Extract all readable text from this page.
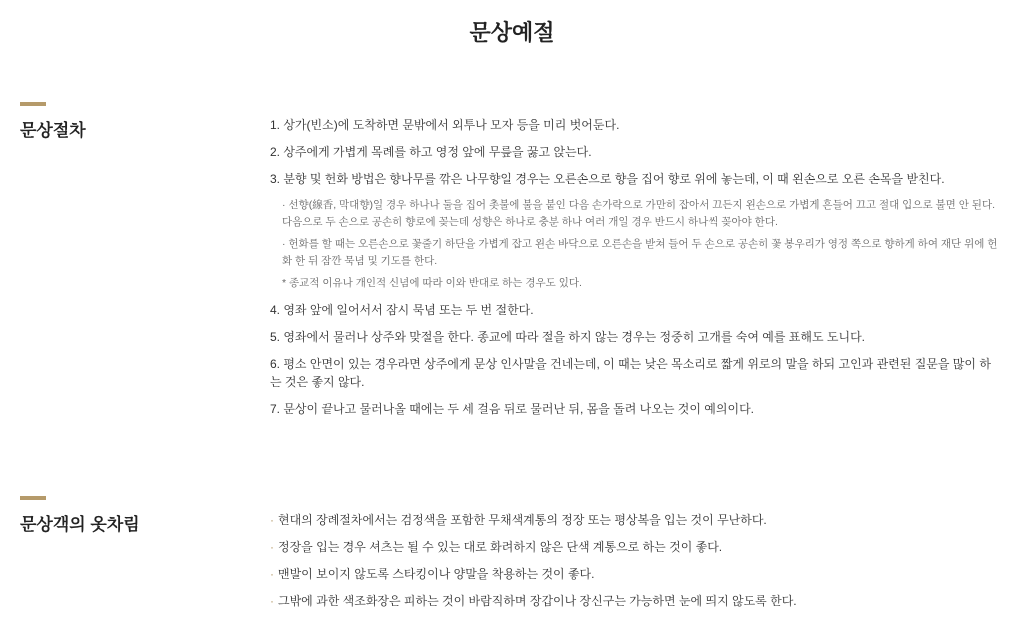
문상예절
문상절차	1. 상가(빈소)에 도착하면 문밖에서 외투나 모자 등을 미리 벗어둔다.

2. 상주에게 가볍게 목례를 하고 영정 앞에 무릎을 꿇고 앉는다.

3. 분향 및 헌화 방법은 향나무를 깎은 나무향일 경우는 오른손으로 향을 집어 향로 위에 놓는데, 이 때 왼손으로 오른 손목을 받친다.

· 선향(線香, 막대향)일 경우 하나나 둘을 집어 촛불에 불을 붙인 다음 손가락으로 가만히 잡아서 끄든지 왼손으로 가볍게 흔들어 끄고 절대 입으로 불면 안 된다. 다음으로 두 손으로 공손히 향로에 꽂는데 성향은 하나로 충분 하나 여러 개일 경우 반드시 하나씩 꽂아야 한다.

· 헌화를 할 때는 오른손으로 꽃줄기 하단을 가볍게 잡고 왼손 바닥으로 오른손을 받쳐 들어 두 손으로 공손히 꽃 봉우리가 영정 쪽으로 향하게 하여 재단 위에 헌화 한 뒤 잠깐 묵념 및 기도를 한다.

* 종교적 이유나 개인적 신념에 따라 이와 반대로 하는 경우도 있다.

4. 영좌 앞에 일어서서 잠시 묵념 또는 두 번 절한다.

5. 영좌에서 물러나 상주와 맞절을 한다. 종교에 따라 절을 하지 않는 경우는 정중히 고개를 숙여 예를 표해도 도니다.

6. 평소 안면이 있는 경우라면 상주에게 문상 인사말을 건네는데, 이 때는 낮은 목소리로 짧게 위로의 말을 하되 고인과 관련된 질문을 많이 하는 것은 좋지 않다.

7. 문상이 끝나고 물러나올 때에는 두 세 걸음 뒤로 물러난 뒤, 몸을 돌려 나오는 것이 예의이다.

문상객의 옷차림	· 현대의 장례절차에서는 검정색을 포함한 무채색계통의 정장 또는 평상복을 입는 것이 무난하다.

· 정장을 입는 경우 셔츠는 될 수 있는 대로 화려하지 않은 단색 계통으로 하는 것이 좋다.

· 맨발이 보이지 않도록 스타킹이나 양말을 착용하는 것이 좋다.

· 그밖에 과한 색조화장은 피하는 것이 바람직하며 장갑이나 장신구는 가능하면 눈에 띄지 않도록 한다.
